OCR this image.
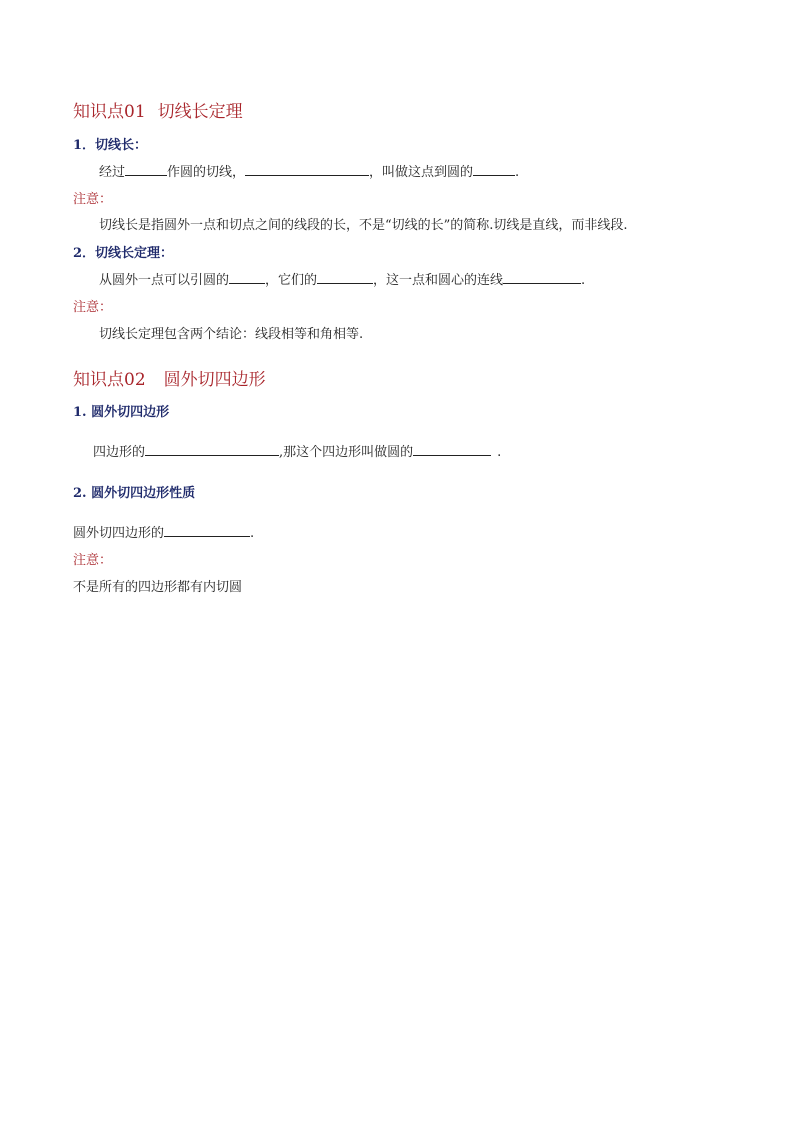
知识点01 切线长定理
1．切线长：
经过	作圆的切线，	，叫做这点到圆的	.
注意：
切线长是指圆外一点和切点之间的线段的长，不是“切线的长”的简称.切线是直线，而非线段.
2．切线长定理：
从圆外一点可以引圆的	，它们的	，这一点和圆心的连线	.
注意：
切线长定理包含两个结论：线段相等和角相等.
知识点02 圆外切四边形
1. 圆外切四边形
四边形的	,那这个四边形叫做圆的	.
2. 圆外切四边形性质
圆外切四边形的	.
注意：
不是所有的四边形都有内切圆
